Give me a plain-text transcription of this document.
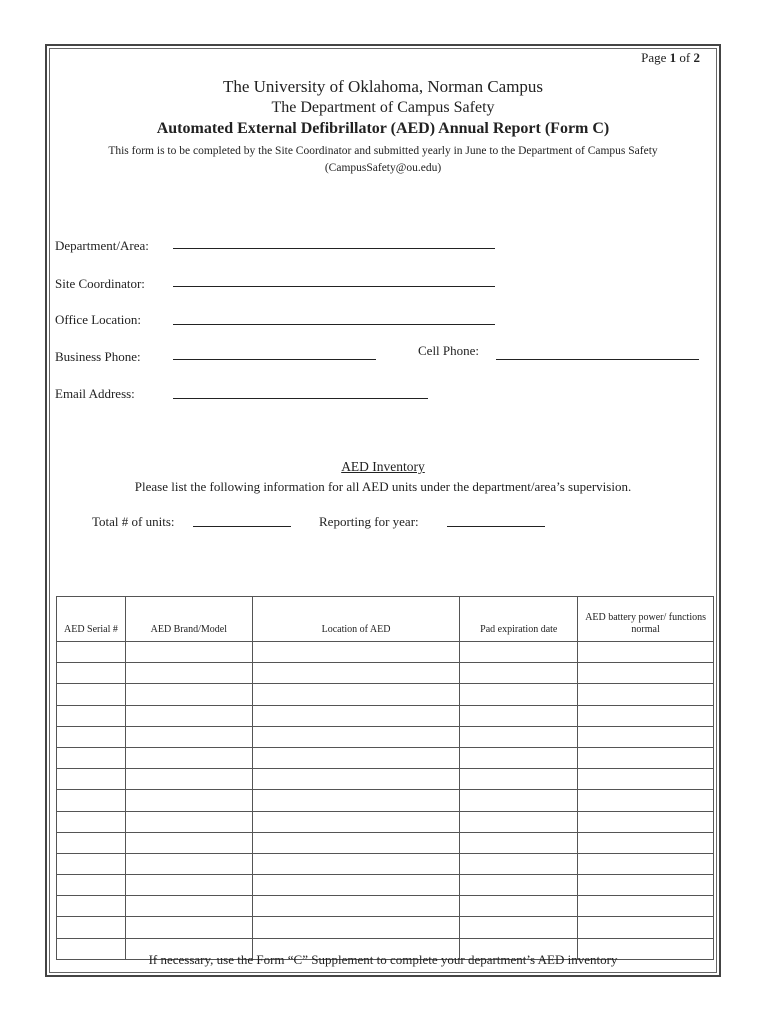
Page 1 of 2
The University of Oklahoma, Norman Campus
The Department of Campus Safety
Automated External Defibrillator (AED) Annual Report (Form C)
This form is to be completed by the Site Coordinator and submitted yearly in June to the Department of Campus Safety
(CampusSafety@ou.edu)
Department/Area:
Site Coordinator:
Office Location:
Business Phone:	Cell Phone:
Email Address:
AED Inventory
Please list the following information for all AED units under the department/area’s supervision.
Total # of units:	Reporting for year:
AED Serial #	AED Brand/Model	Location of AED	Pad expiration date	AED battery power/ functions normal

If necessary, use the Form “C” Supplement to complete your department’s AED inventory
